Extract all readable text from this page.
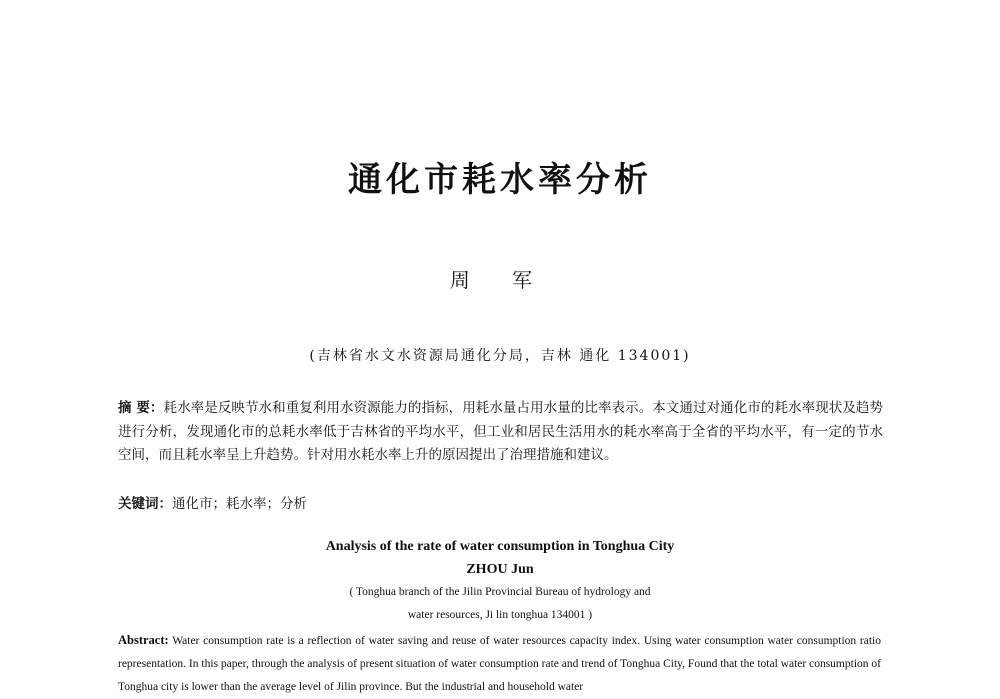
通化市耗水率分析
周 军
(吉林省水文水资源局通化分局，吉林 通化 134001)
摘 要：耗水率是反映节水和重复利用水资源能力的指标，用耗水量占用水量的比率表示。本文通过对通化市的耗水率现状及趋势进行分析，发现通化市的总耗水率低于吉林省的平均水平，但工业和居民生活用水的耗水率高于全省的平均水平，有一定的节水空间，而且耗水率呈上升趋势。针对用水耗水率上升的原因提出了治理措施和建议。
关键词：通化市；耗水率；分析
Analysis of the rate of water consumption in Tonghua City
ZHOU Jun
( Tonghua branch of the Jilin Provincial Bureau of hydrology and
water resources, Ji lin tonghua 134001 )
Abstract: Water consumption rate is a reflection of water saving and reuse of water resources capacity index. Using water consumption water consumption ratio representation. In this paper, through the analysis of present situation of water consumption rate and trend of Tonghua City, Found that the total water consumption of Tonghua city is lower than the average level of Jilin province. But the industrial and household water
